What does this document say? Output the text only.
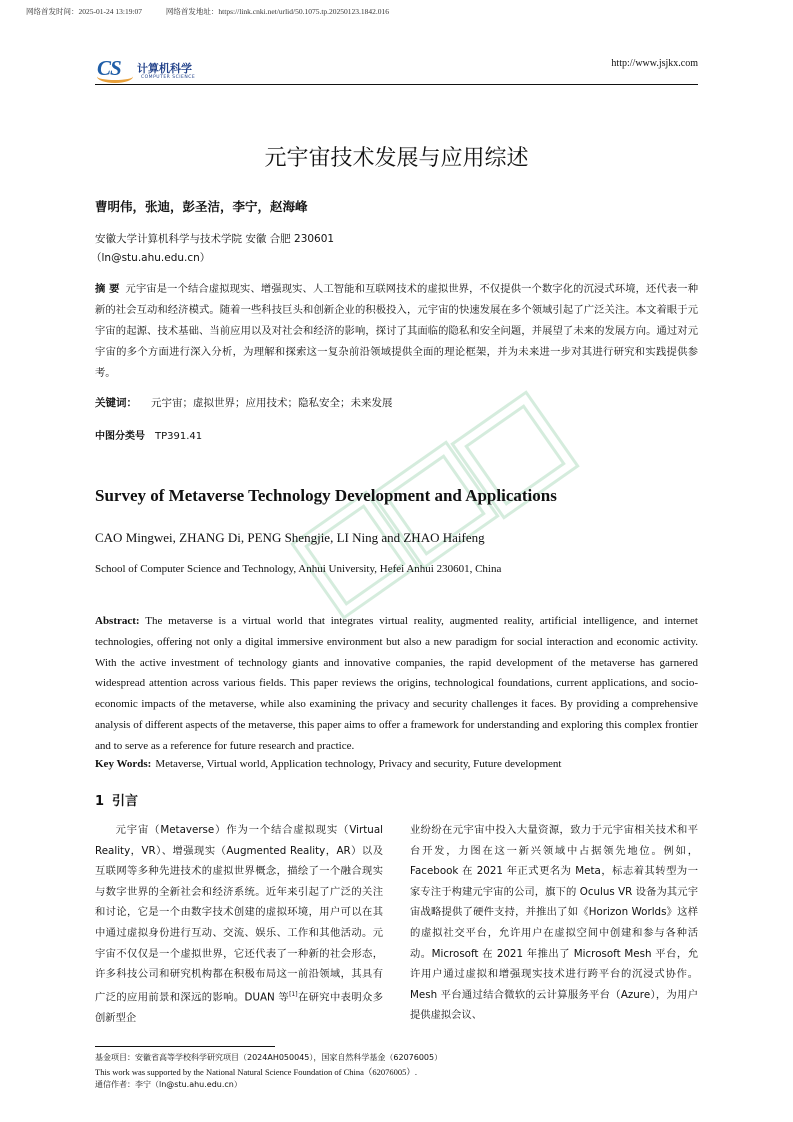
网络首发时间：2025-01-24 13:19:07	网络首发地址：https://link.cnki.net/urlid/50.1075.tp.20250123.1842.016
CS 计算机科学
COMPUTER SCIENCE
http://www.jsjkx.com
元宇宙技术发展与应用综述
曹明伟，张迪，彭圣洁，李宁，赵海峰
安徽大学计算机科学与技术学院 安徽 合肥 230601
（ln@stu.ahu.edu.cn）
摘 要 元宇宙是一个结合虚拟现实、增强现实、人工智能和互联网技术的虚拟世界，不仅提供一个数字化的沉浸式环境，还代表一种新的社会互动和经济模式。随着一些科技巨头和创新企业的积极投入，元宇宙的快速发展在多个领域引起了广泛关注。本文着眼于元宇宙的起源、技术基础、当前应用以及对社会和经济的影响，探讨了其面临的隐私和安全问题，并展望了未来的发展方向。通过对元宇宙的多个方面进行深入分析，为理解和探索这一复杂前沿领域提供全面的理论框架，并为未来进一步对其进行研究和实践提供参考。
关键词： 元宇宙；虚拟世界；应用技术；隐私安全；未来发展
中图分类号 TP391.41
Survey of Metaverse Technology Development and Applications
CAO Mingwei, ZHANG Di, PENG Shengjie, LI Ning and ZHAO Haifeng
School of Computer Science and Technology, Anhui University, Hefei Anhui 230601, China
Abstract: The metaverse is a virtual world that integrates virtual reality, augmented reality, artificial intelligence, and internet technologies, offering not only a digital immersive environment but also a new paradigm for social interaction and economic activity. With the active investment of technology giants and innovative companies, the rapid development of the metaverse has garnered widespread attention across various fields. This paper reviews the origins, technological foundations, current applications, and socio-economic impacts of the metaverse, while also examining the privacy and security challenges it faces. By providing a comprehensive analysis of different aspects of the metaverse, this paper aims to offer a framework for understanding and exploring this complex frontier and to serve as a reference for future research and practice.
Key Words: Metaverse, Virtual world, Application technology, Privacy and security, Future development
1 引言

元宇宙（Metaverse）作为一个结合虚拟现实（Virtual Reality，VR）、增强现实（Augmented Reality，AR）以及互联网等多种先进技术的虚拟世界概念，描绘了一个融合现实与数字世界的全新社会和经济系统。近年来引起了广泛的关注和讨论，它是一个由数字技术创建的虚拟环境，用户可以在其中通过虚拟身份进行互动、交流、娱乐、工作和其他活动。元宇宙不仅仅是一个虚拟世界，它还代表了一种新的社会形态，许多科技公司和研究机构都在积极布局这一前沿领域，其具有广泛的应用前景和深远的影响。DUAN 等[1]在研究中表明众多创新型企

业纷纷在元宇宙中投入大量资源，致力于元宇宙相关技术和平台开发，力图在这一新兴领域中占据领先地位。例如，Facebook 在 2021 年正式更名为 Meta，标志着其转型为一家专注于构建元宇宙的公司，旗下的 Oculus VR 设备为其元宇宙战略提供了硬件支持，并推出了如《Horizon Worlds》这样的虚拟社交平台，允许用户在虚拟空间中创建和参与各种活动。Microsoft 在 2021 年推出了 Microsoft Mesh 平台，允许用户通过虚拟和增强现实技术进行跨平台的沉浸式协作。Mesh 平台通过结合微软的云计算服务平台（Azure），为用户提供虚拟会议、

基金项目：安徽省高等学校科学研究项目（2024AH050045），国家自然科学基金（62076005）
This work was supported by the National Natural Science Foundation of China（62076005）.
通信作者：李宁（ln@stu.ahu.edu.cn）
